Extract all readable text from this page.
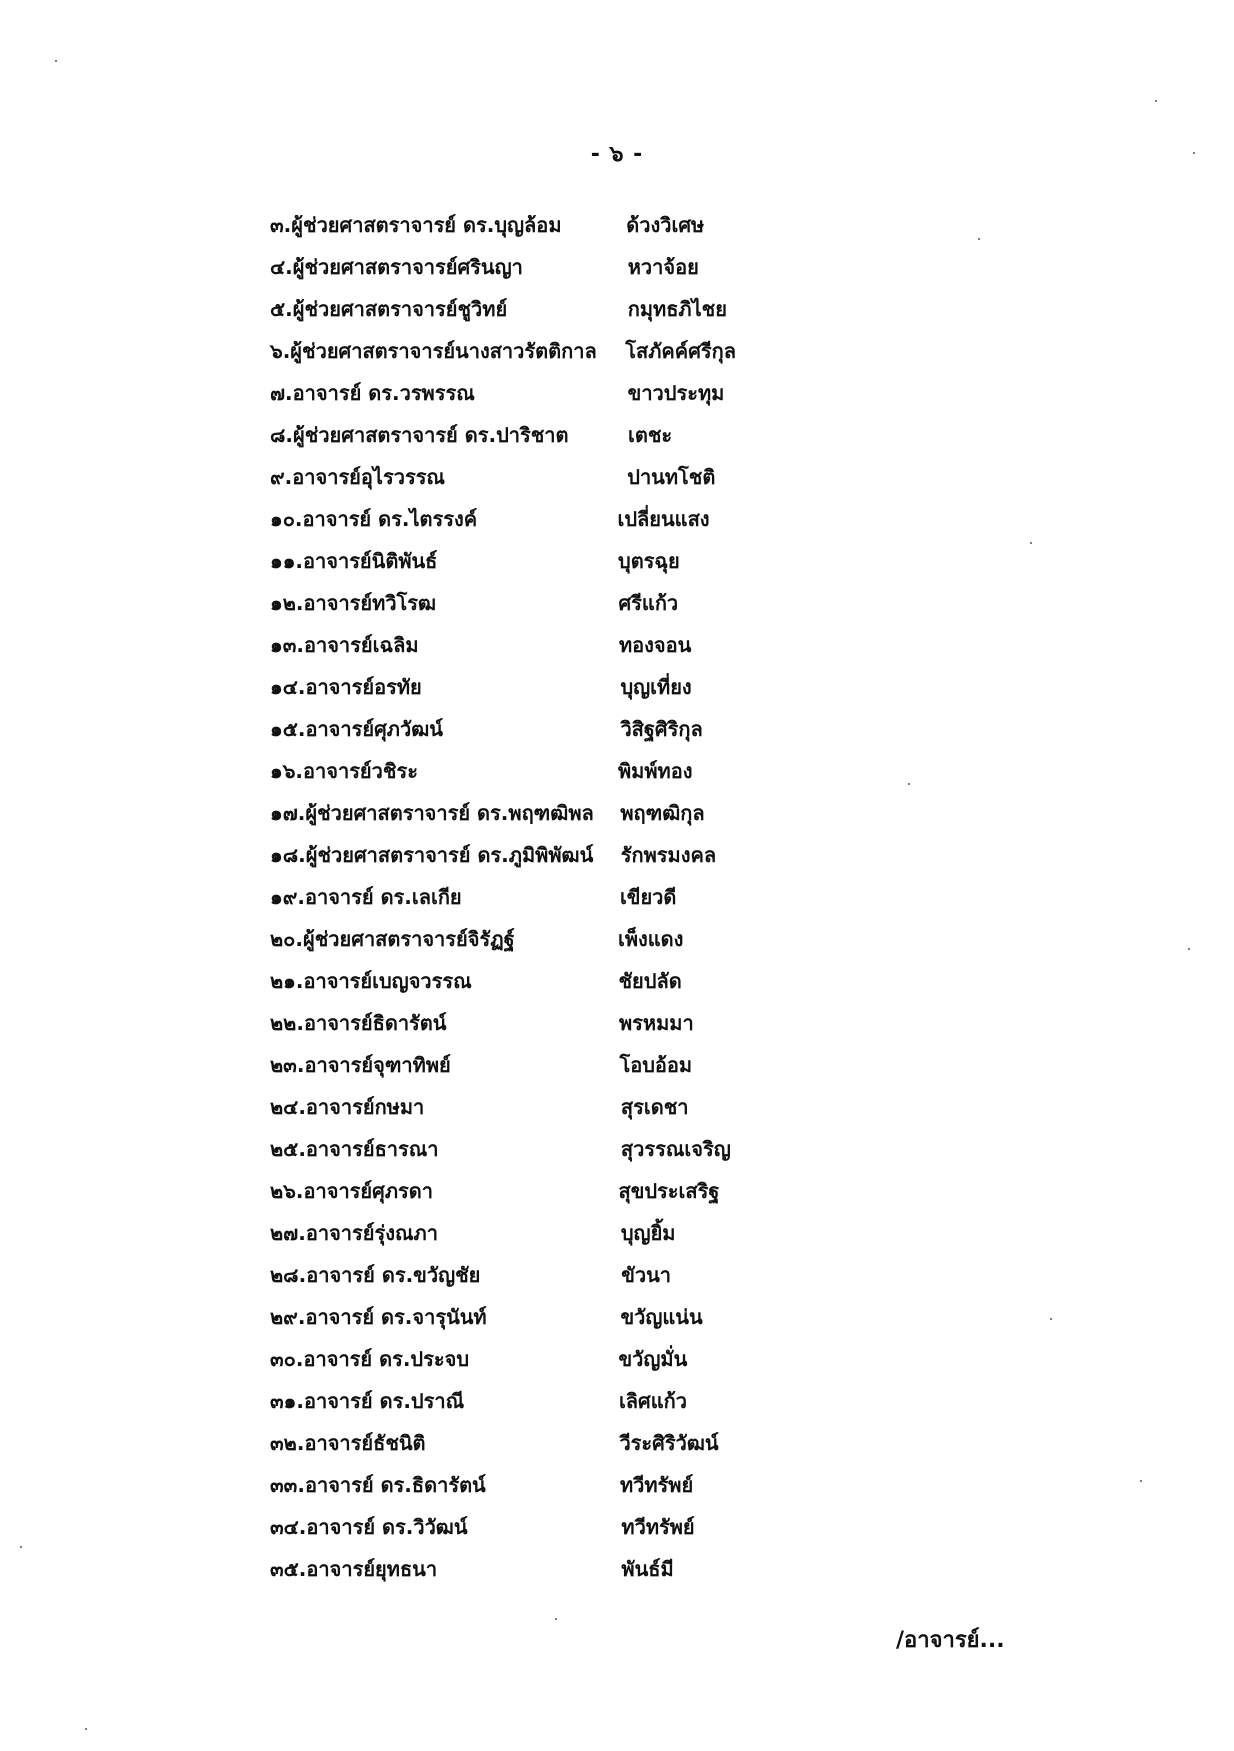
- ๖ -
๓. ผู้ช่วยศาสตราจารย์ ดร.บุญล้อม	ด้วงวิเศษ
๔. ผู้ช่วยศาสตราจารย์ศรินญา	หวาจ้อย
๕. ผู้ช่วยศาสตราจารย์ชูวิทย์	กมุทธภิไชย
๖. ผู้ช่วยศาสตราจารย์นางสาวรัตติกาล	โสภัคค์ศรีกุล
๗. อาจารย์ ดร.วรพรรณ	ขาวประทุม
๘. ผู้ช่วยศาสตราจารย์ ดร.ปาริชาต	เตชะ
๙. อาจารย์อุไรวรรณ	ปานทโชติ
๑๐. อาจารย์ ดร.ไตรรงค์	เปลี่ยนแสง
๑๑. อาจารย์นิติพันธ์	บุตรฉุย
๑๒. อาจารย์ทวิโรฒ	ศรีแก้ว
๑๓. อาจารย์เฉลิม	ทองจอน
๑๔. อาจารย์อรทัย	บุญเที่ยง
๑๕. อาจารย์ศุภวัฒน์	วิสิฐศิริกุล
๑๖. อาจารย์วชิระ	พิมพ์ทอง
๑๗. ผู้ช่วยศาสตราจารย์ ดร.พฤฑฒิพล	พฤฑฒิกุล
๑๘. ผู้ช่วยศาสตราจารย์ ดร.ภูมิพิพัฒน์	รักพรมงคล
๑๙. อาจารย์ ดร.เลเกีย	เขียวดี
๒๐. ผู้ช่วยศาสตราจารย์จิรัฏฐ์	เพ็งแดง
๒๑. อาจารย์เบญจวรรณ	ชัยปลัด
๒๒. อาจารย์ธิดารัตน์	พรหมมา
๒๓. อาจารย์จุฑาทิพย์	โอบอ้อม
๒๔. อาจารย์กษมา	สุรเดชา
๒๕. อาจารย์ธารณา	สุวรรณเจริญ
๒๖. อาจารย์ศุภรดา	สุขประเสริฐ
๒๗. อาจารย์รุ่งณภา	บุญยิ้ม
๒๘. อาจารย์ ดร.ขวัญชัย	ขัวนา
๒๙. อาจารย์ ดร.จารุนันท์	ขวัญแน่น
๓๐. อาจารย์ ดร.ประจบ	ขวัญมั่น
๓๑. อาจารย์ ดร.ปราณี	เลิศแก้ว
๓๒. อาจารย์ธัชนิติ	วีระศิริวัฒน์
๓๓. อาจารย์ ดร.ธิดารัตน์	ทวีทรัพย์
๓๔. อาจารย์ ดร.วิวัฒน์	ทวีทรัพย์
๓๕. อาจารย์ยุทธนา	พันธ์มี
/อาจารย์...
